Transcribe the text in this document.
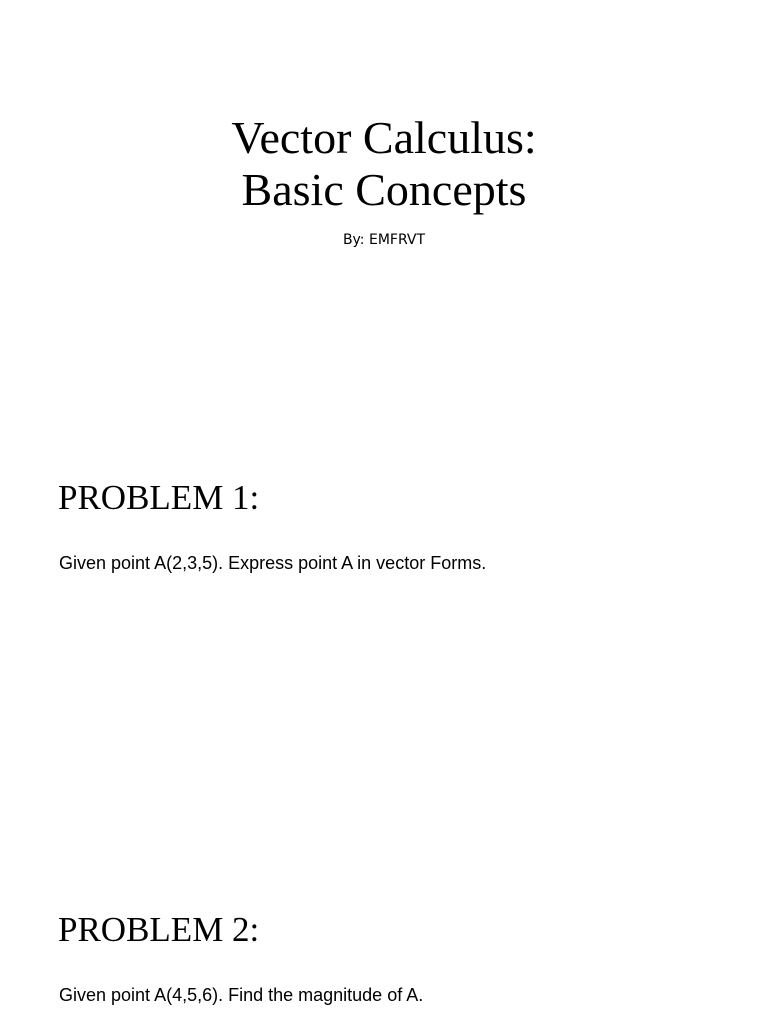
Vector Calculus:
Basic Concepts
By: EMFRVT
PROBLEM 1:
Given point A(2,3,5). Express point A in vector Forms.
PROBLEM 2:
Given point A(4,5,6). Find the magnitude of A.
